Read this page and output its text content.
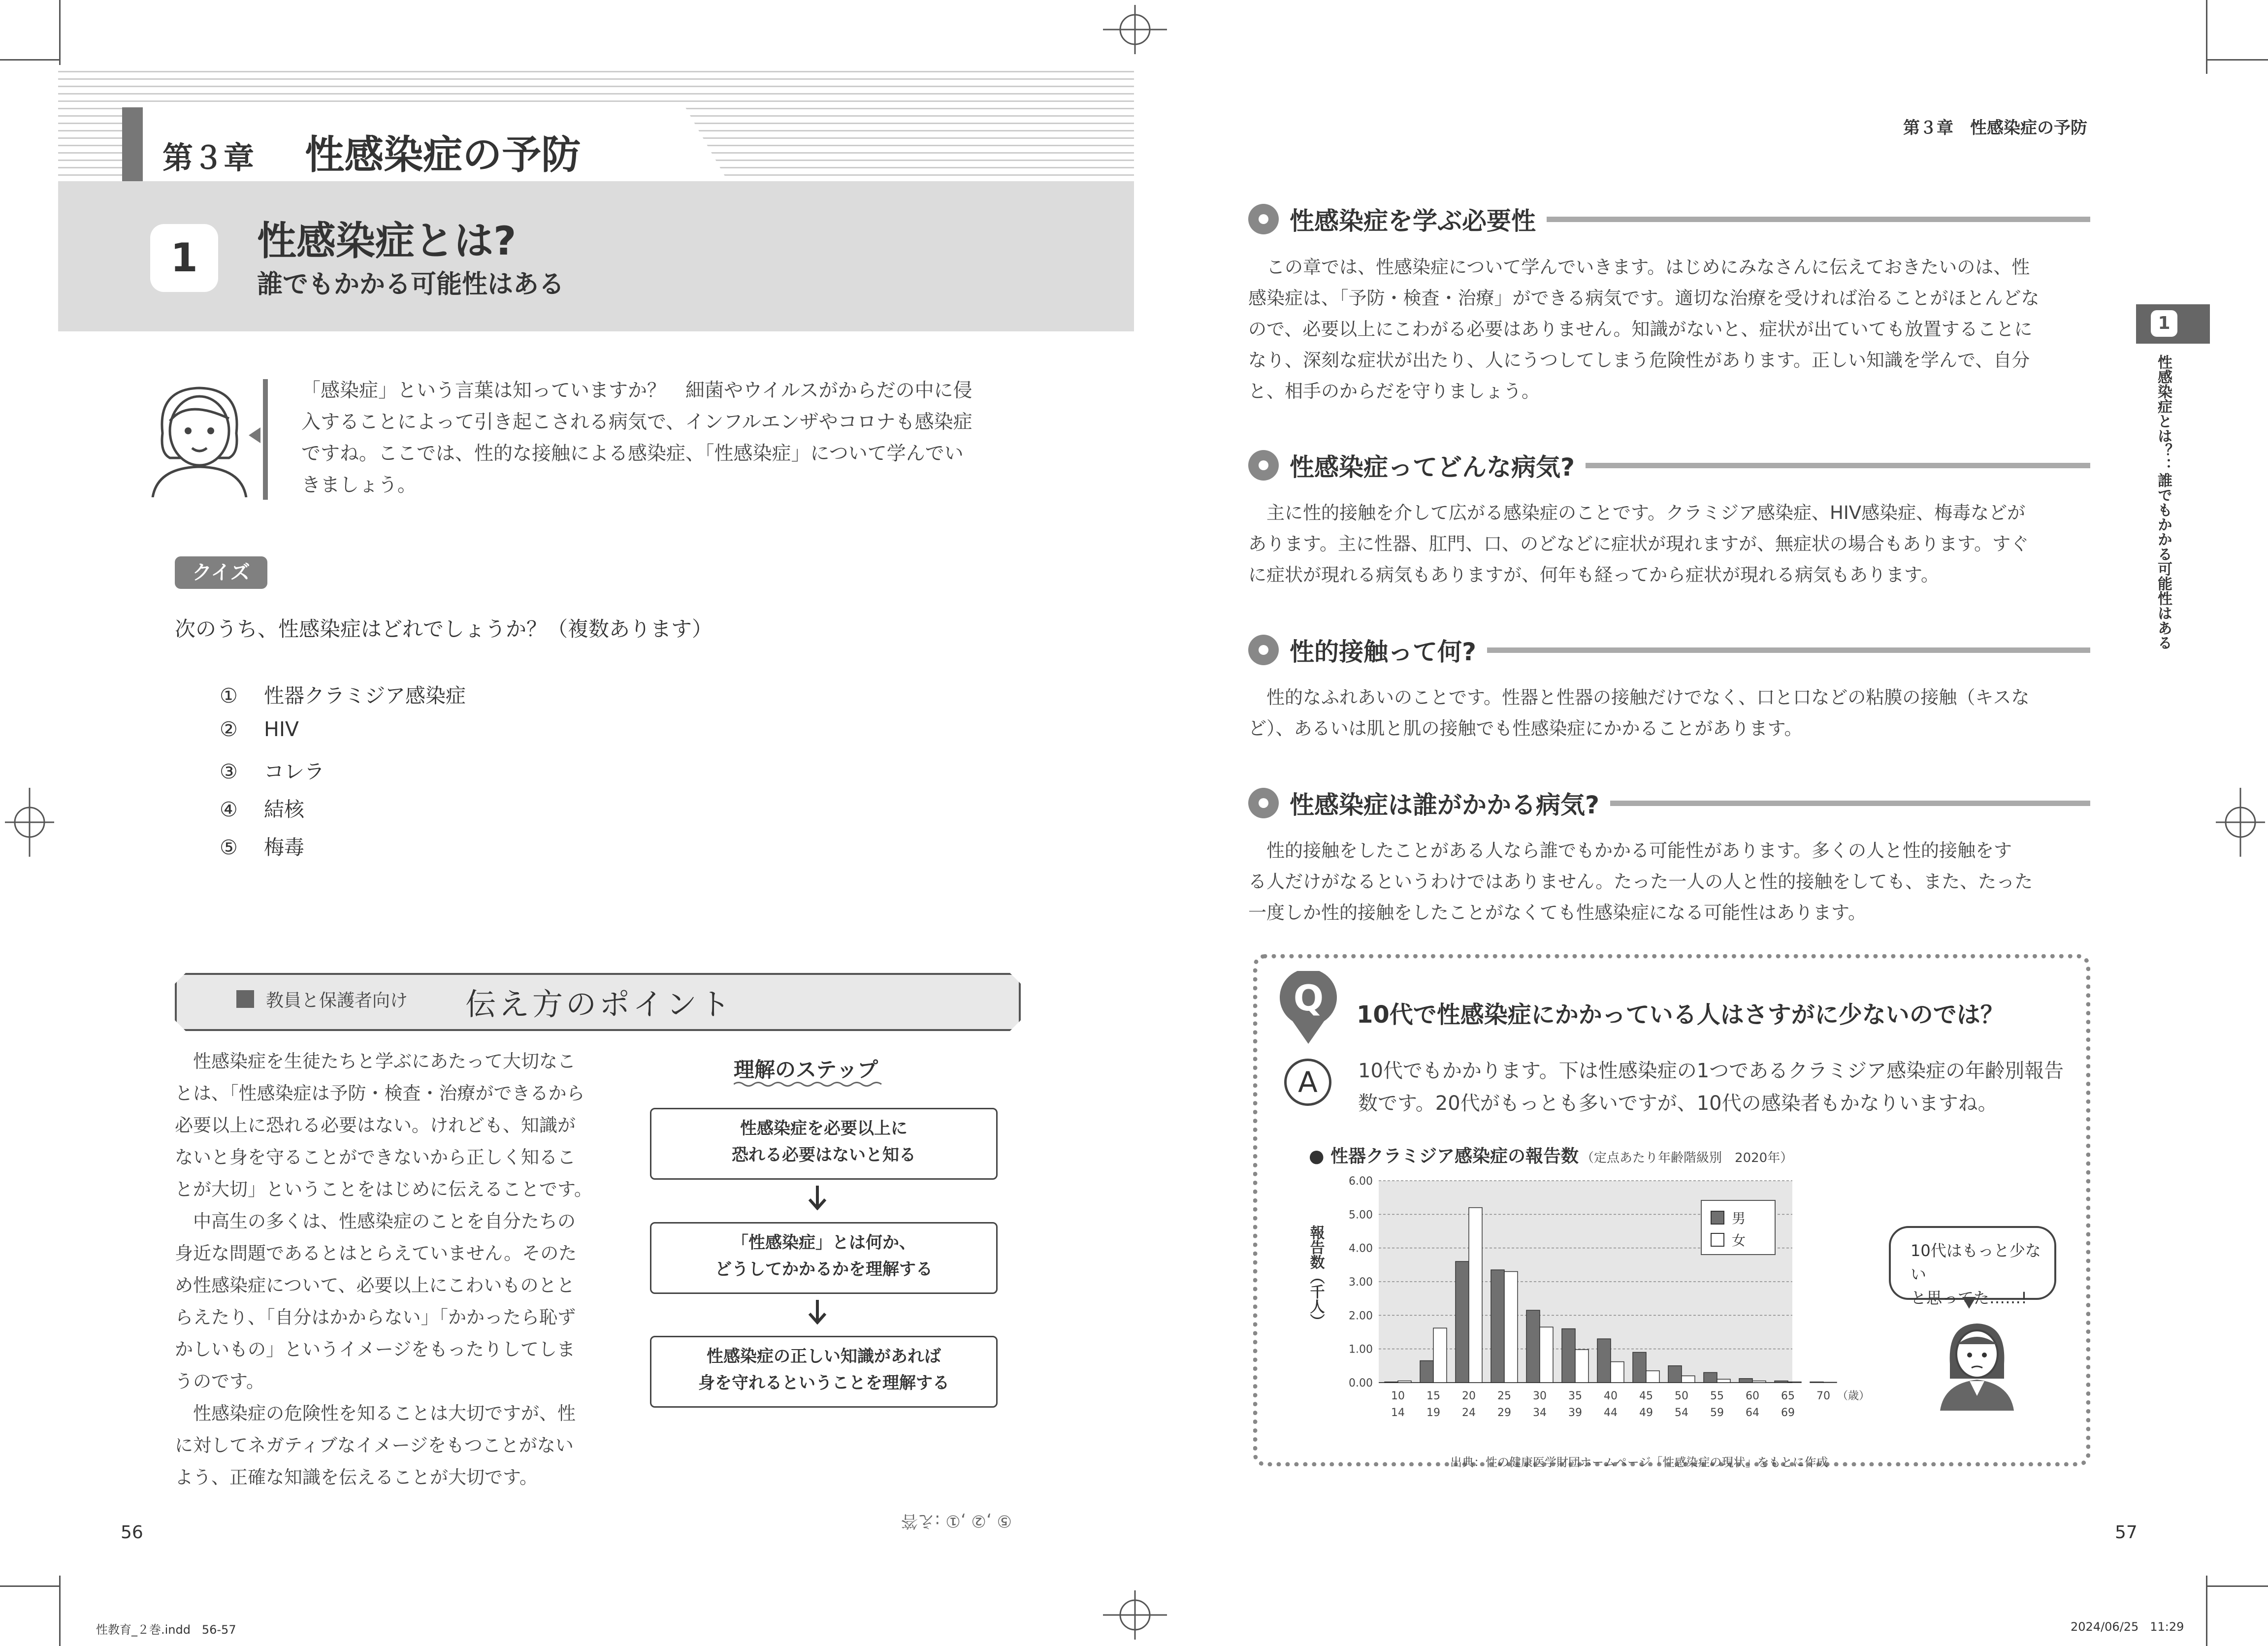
第３章 性感染症の予防
1	性感染症とは?
誰でもかかる可能性はある
「感染症」という言葉は知っていますか？　細菌やウイルスがからだの中に侵
入することによって引き起こされる病気で、インフルエンザやコロナも感染症
ですね。ここでは、性的な接触による感染症、「性感染症」について学んでい
きましょう。
クイズ
次のうち、性感染症はどれでしょうか？（複数あります）
① 性器クラミジア感染症
② HIV
③ コレラ
④ 結核
⑤ 梅毒
教員と保護者向け 伝え方のポイント
　性感染症を生徒たちと学ぶにあたって大切なこ
とは、「性感染症は予防・検査・治療ができるから
必要以上に恐れる必要はない。けれども、知識が
ないと身を守ることができないから正しく知るこ
とが大切」ということをはじめに伝えることです。
　中高生の多くは、性感染症のことを自分たちの
身近な問題であるとはとらえていません。そのた
め性感染症について、必要以上にこわいものとと
らえたり、「自分はかからない」「かかったら恥ず
かしいもの」というイメージをもったりしてしま
うのです。
　性感染症の危険性を知ることは大切ですが、性
に対してネガティブなイメージをもつことがない
よう、正確な知識を伝えることが大切です。
理解のステップ
性感染症を必要以上に
恐れる必要はないと知る
「性感染症」とは何か、
どうしてかかるかを理解する
性感染症の正しい知識があれば
身を守れるということを理解する
56
⑤ ,② ,① :え答
第３章　性感染症の予防
1
性感染症とは？：誰でもかかる可能性はある
性感染症を学ぶ必要性
　この章では、性感染症について学んでいきます。はじめにみなさんに伝えておきたいのは、性
感染症は、「予防・検査・治療」ができる病気です。適切な治療を受ければ治ることがほとんどな
ので、必要以上にこわがる必要はありません。知識がないと、症状が出ていても放置することに
なり、深刻な症状が出たり、人にうつしてしまう危険性があります。正しい知識を学んで、自分
と、相手のからだを守りましょう。
性感染症ってどんな病気?
　主に性的接触を介して広がる感染症のことです。クラミジア感染症、HIV感染症、梅毒などが
あります。主に性器、肛門、口、のどなどに症状が現れますが、無症状の場合もあります。すぐ
に症状が現れる病気もありますが、何年も経ってから症状が現れる病気もあります。
性的接触って何?
　性的なふれあいのことです。性器と性器の接触だけでなく、口と口などの粘膜の接触（キスな
ど）、あるいは肌と肌の接触でも性感染症にかかることがあります。
性感染症は誰がかかる病気?
　性的接触をしたことがある人なら誰でもかかる可能性があります。多くの人と性的接触をす
る人だけがなるというわけではありません。たった一人の人と性的接触をしても、また、たった
一度しか性的接触をしたことがなくても性感染症になる可能性はあります。
Q	10代で性感染症にかかっている人はさすがに少ないのでは？
A	10代でもかかります。下は性感染症の1つであるクラミジア感染症の年齢別報告
数です。20代がもっとも多いですが、10代の感染者もかなりいますね。
● 性器クラミジア感染症の報告数 （定点あたり年齢階級別　2020年）
0.00
1.00
2.00
3.00
4.00
5.00
6.00
報告数（千人）
10
14
15
19
20
24
25
29
30
34
35
39
40
44
45
49
50
54
55
59
60
64
65
69
70 （歳）
男
女
出典：性の健康医学財団ホームページ「性感染症の現状」をもとに作成
10代はもっと少ない
と思ってた……!
57
性教育_２巻.indd   56-57	2024/06/25   11:29
